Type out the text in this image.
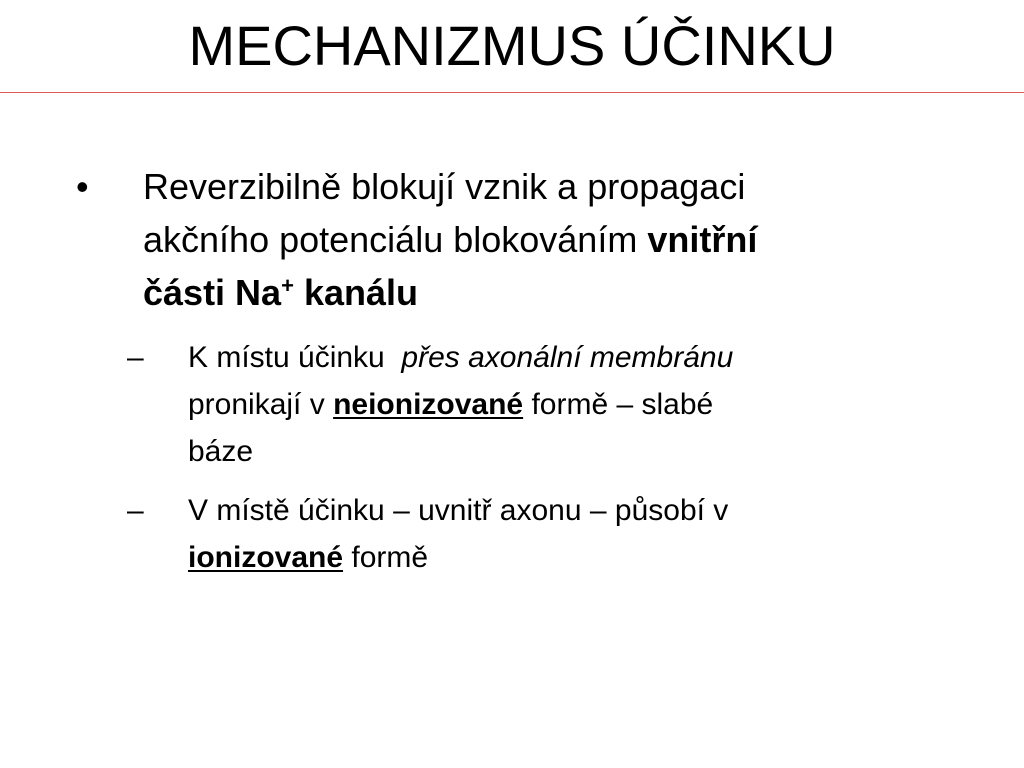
MECHANIZMUS ÚČINKU
• Reverzibilně blokují vznik a propagaci
akčního potenciálu blokováním vnitřní
části Na+ kanálu
– K místu účinku  přes axonální membránu
pronikají v neionizované formě – slabé
báze
– V místě účinku – uvnitř axonu – působí v
ionizované formě
